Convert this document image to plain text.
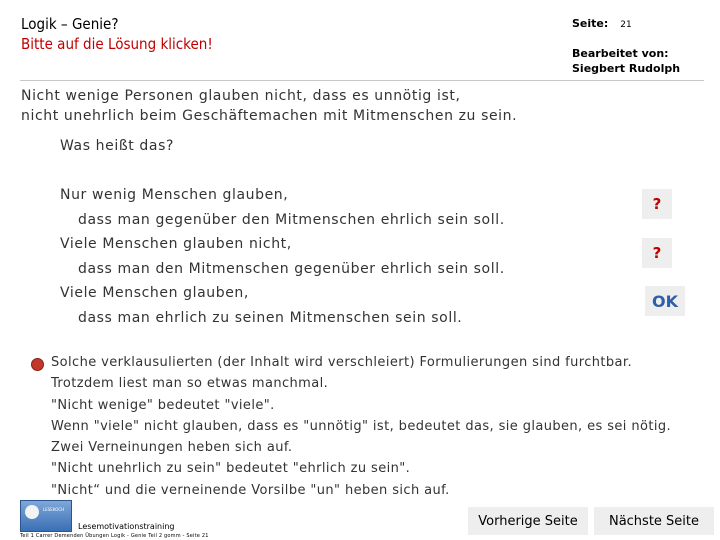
Logik – Genie?
Bitte auf die Lösung klicken!
Seite: 21
Bearbeitet von:
Siegbert Rudolph
Nicht wenige Personen glauben nicht, dass es unnötig ist,
nicht unehrlich beim Geschäftemachen mit Mitmenschen zu sein.
Was heißt das?
Nur wenig Menschen glauben,
dass man gegenüber den Mitmenschen ehrlich sein soll.
Viele Menschen glauben nicht,
dass man den Mitmenschen gegenüber ehrlich sein soll.
Viele Menschen glauben,
dass man ehrlich zu seinen Mitmenschen sein soll.
?
?
OK
Solche verklausulierten (der Inhalt wird verschleiert) Formulierungen sind furchtbar.
Trotzdem liest man so etwas manchmal.
"Nicht wenige" bedeutet "viele".
Wenn "viele" nicht glauben, dass es "unnötig" ist, bedeutet das, sie glauben, es sei nötig.
Zwei Verneinungen heben sich auf.
"Nicht unehrlich zu sein" bedeutet "ehrlich zu sein".
"Nicht“ und die verneinende Vorsilbe "un" heben sich auf.
LESEKOCH
Lesemotivationstraining
Teil 1 Carrer Demenden Übungen Logik - Genie Teil 2 gomm - Seite 21
Vorherige Seite	Nächste Seite
